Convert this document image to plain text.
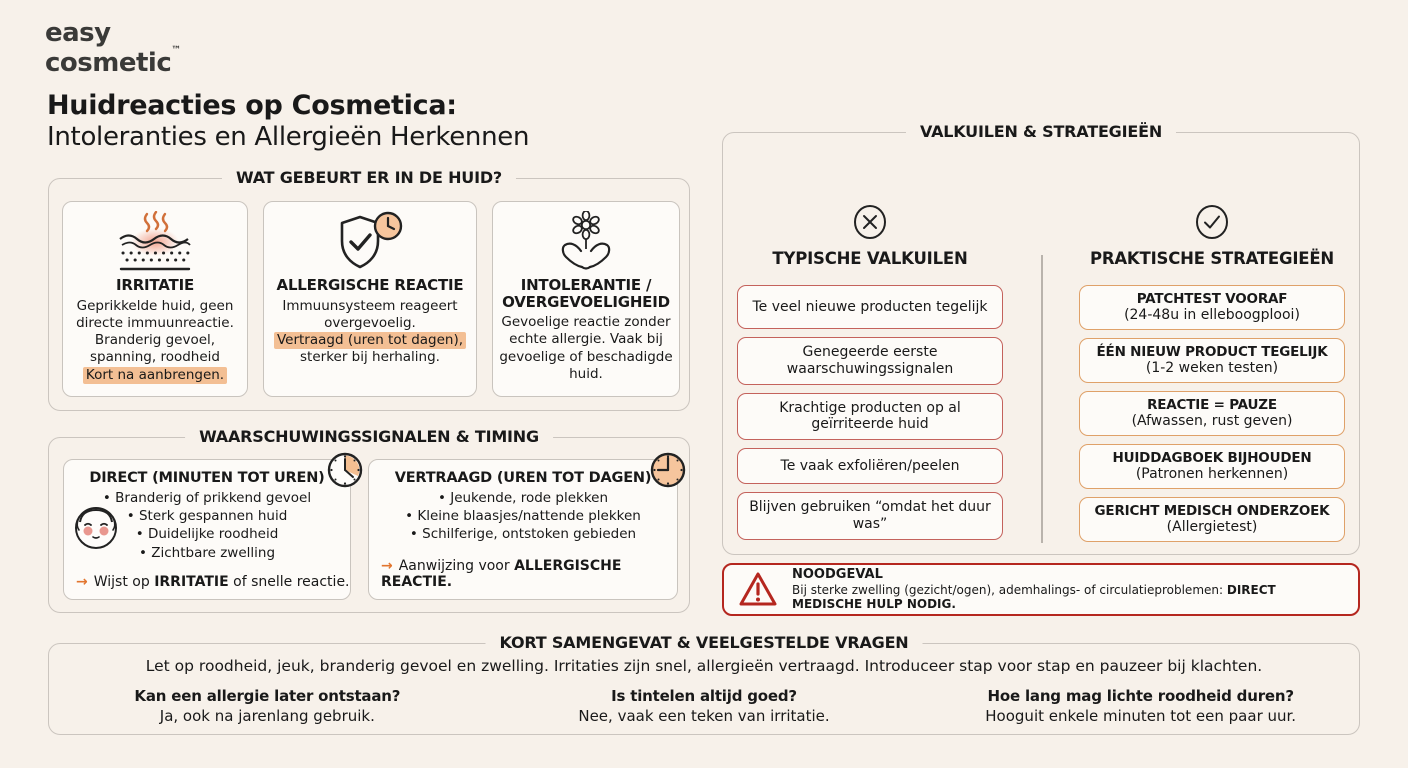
easy
cosmetic™
Huidreacties op Cosmetica:
Intoleranties en Allergieën Herkennen
WAT GEBEURT ER IN DE HUID?
IRRITATIE

Geprikkelde huid, geen directe immuunreactie. Branderig gevoel, spanning, roodheid
Kort na aanbrengen.

ALLERGISCHE REACTIE

Immuunsysteem reageert overgevoelig.
Vertraagd (uren tot dagen),
sterker bij herhaling.

INTOLERANTIE /
OVERGEVOELIGHEID

Gevoelige reactie zonder echte allergie. Vaak bij gevoelige of beschadigde huid.

WAARSCHUWINGSSIGNALEN & TIMING
DIRECT (MINUTEN TOT UREN)
• Branderig of prikkend gevoel
• Sterk gespannen huid
• Duidelijke roodheid
• Zichtbare zwelling
→ Wijst op IRRITATIE of snelle reactie.
VERTRAAGD (UREN TOT DAGEN)
• Jeukende, rode plekken
• Kleine blaasjes/nattende plekken
• Schilferige, ontstoken gebieden
→ Aanwijzing voor ALLERGISCHE REACTIE.
VALKUILEN & STRATEGIEËN
TYPISCHE VALKUILEN	PRAKTISCHE STRATEGIEËN
Te veel nieuwe producten tegelijk
Genegeerde eerste waarschuwingssignalen
Krachtige producten op al geïrriteerde huid
Te vaak exfoliëren/peelen
Blijven gebruiken “omdat het duur was”
PATCHTEST VOORAF
(24-48u in elleboogplooi)
ÉÉN NIEUW PRODUCT TEGELIJK
(1-2 weken testen)
REACTIE = PAUZE
(Afwassen, rust geven)
HUIDDAGBOEK BIJHOUDEN
(Patronen herkennen)
GERICHT MEDISCH ONDERZOEK
(Allergietest)
NOODGEVAL
Bij sterke zwelling (gezicht/ogen), ademhalings- of circulatieproblemen: DIRECT MEDISCHE HULP NODIG.
KORT SAMENGEVAT & VEELGESTELDE VRAGEN
Let op roodheid, jeuk, branderig gevoel en zwelling. Irritaties zijn snel, allergieën vertraagd. Introduceer stap voor stap en pauzeer bij klachten.
Kan een allergie later ontstaan?
Ja, ook na jarenlang gebruik.
Is tintelen altijd goed?
Nee, vaak een teken van irritatie.
Hoe lang mag lichte roodheid duren?
Hooguit enkele minuten tot een paar uur.
